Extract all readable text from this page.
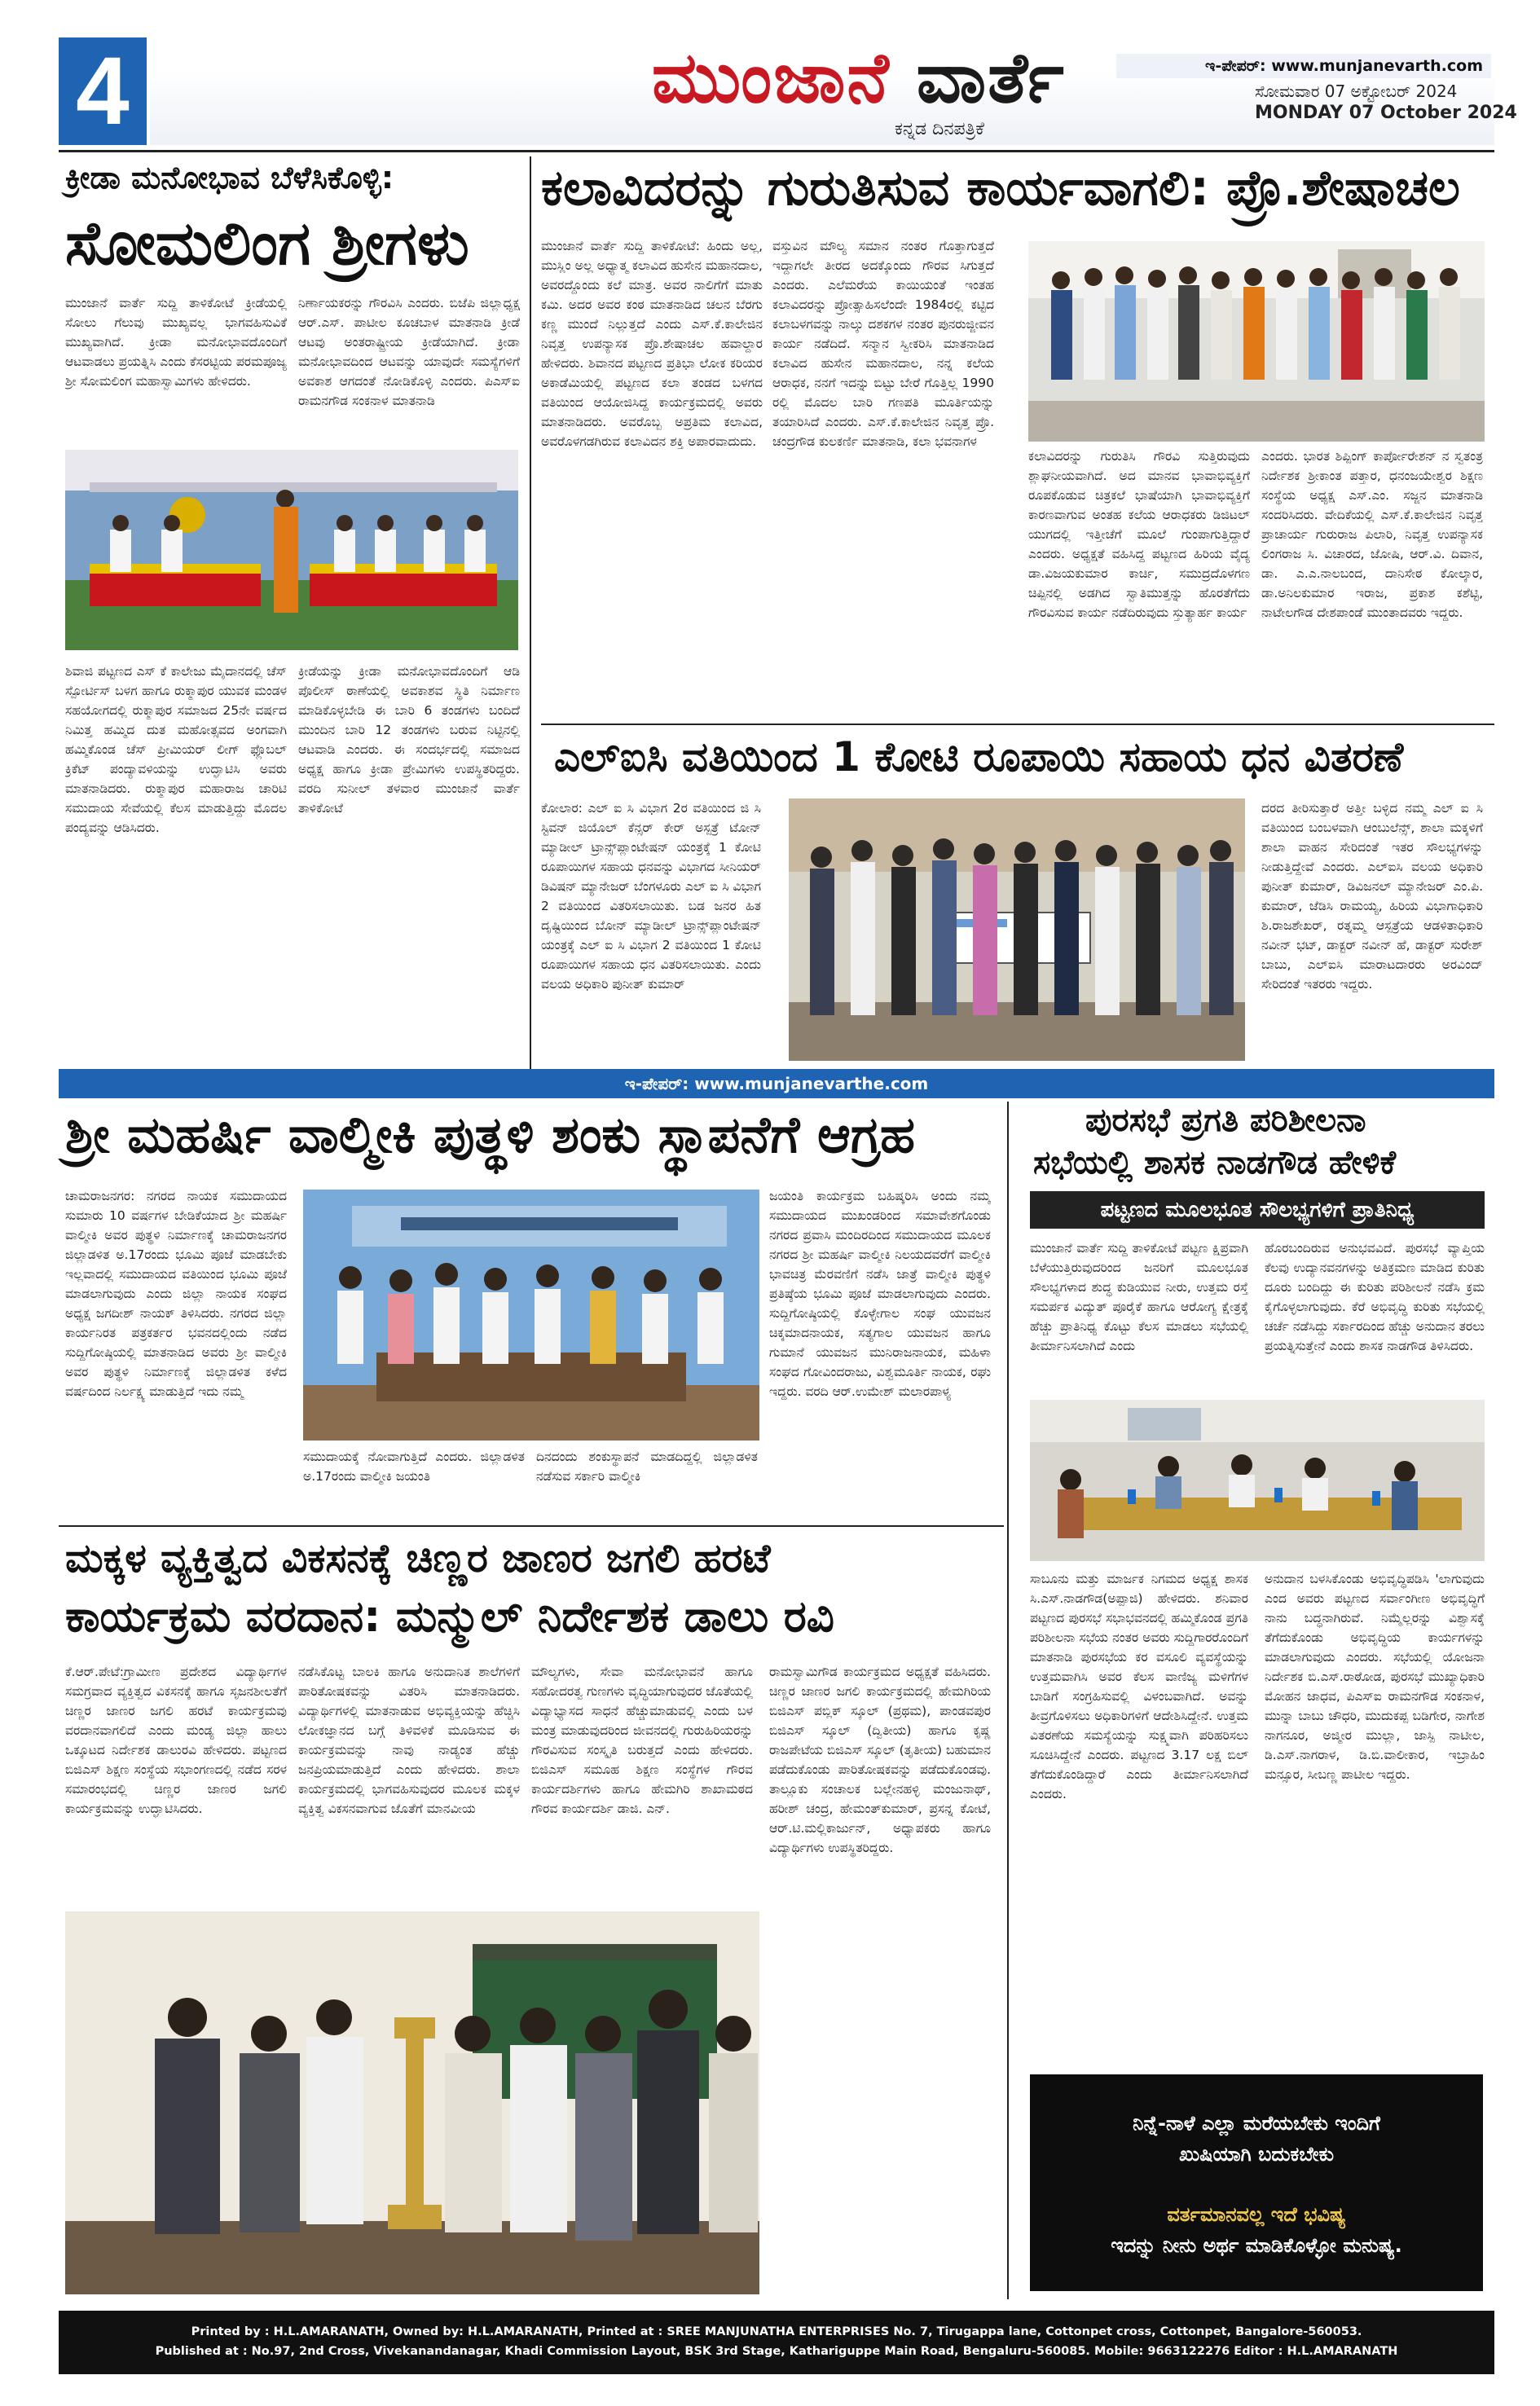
4	ಮುಂಜಾನೆ ವಾರ್ತೆ
ಕನ್ನಡ ದಿನಪತ್ರಿಕೆ
ಇ-ಪೇಪರ್: www.munjanevarth.com
ಸೋಮವಾರ 07 ಅಕ್ಟೋಬರ್ 2024
MONDAY 07 October 2024
ಕ್ರೀಡಾ ಮನೋಭಾವ ಬೆಳೆಸಿಕೊಳ್ಳಿ:
ಸೋಮಲಿಂಗ ಶ್ರೀಗಳು
ಮುಂಜಾನೆ ವಾರ್ತೆ ಸುದ್ದಿ ತಾಳಿಕೋಟೆ ಕ್ರೀಡೆಯಲ್ಲಿ ಸೋಲು ಗೆಲುವು ಮುಖ್ಯವಲ್ಲ ಭಾಗವಹಿಸುವಿಕೆ ಮುಖ್ಯವಾಗಿದೆ. ಕ್ರೀಡಾ ಮನೋಭಾವದೊಂದಿಗೆ ಆಟವಾಡಲು ಪ್ರಯತ್ನಿಸಿ ಎಂದು ಕೆಸರಟ್ಟಿಯ ಪರಮಪೂಜ್ಯ ಶ್ರೀ ಸೋಮಲಿಂಗ ಮಹಾಸ್ವಾಮಿಗಳು ಹೇಳಿದರು.
ನಿರ್ಣಾಯಕರನ್ನು ಗೌರವಿಸಿ ಎಂದರು. ಬಿಜೆಪಿ ಜಿಲ್ಲಾಧ್ಯಕ್ಷ ಆರ್.ಎಸ್. ಪಾಟೀಲ ಕೂಚಬಾಳ ಮಾತನಾಡಿ ಕ್ರೀಡೆ ಆಟವು ಅಂತರಾಷ್ಟ್ರೀಯ ಕ್ರೀಡೆಯಾಗಿದೆ. ಕ್ರೀಡಾ ಮನೋಭಾವದಿಂದ ಆಟವನ್ನು ಯಾವುದೇ ಸಮಸ್ಯೆಗಳಿಗೆ ಅವಕಾಶ ಆಗದಂತೆ ನೋಡಿಕೊಳ್ಳಿ ಎಂದರು. ಪಿಎಸ್‌ಐ ರಾಮನಗೌಡ ಸಂಕನಾಳ ಮಾತನಾಡಿ
ಶಿವಾಜಿ ಪಟ್ಟಣದ ಎಸ್ ಕೆ ಕಾಲೇಜು ಮೈದಾನದಲ್ಲಿ ಚೆಸ್ ಸ್ಪೋರ್ಟಿಸ್ ಬಳಗ ಹಾಗೂ ರುಕ್ಮಾಪುರ ಯುವಕ ಮಂಡಳ ಸಹಯೋಗದಲ್ಲಿ ರುಕ್ಮಾಪುರ ಸಮಾಜದ 25ನೇ ವರ್ಷದ ನಿಮಿತ್ತ ಹಮ್ಮಿದ ದುತ ಮಹೋತ್ಸವದ ಅಂಗವಾಗಿ ಹಮ್ಮಿಕೊಂಡ ಚೆಸ್ ಪ್ರೀಮಿಯರ್ ಲೀಗ್ ಫ್ಲೊಬಲ್ ಕ್ರಿಕೆಟ್ ಪಂದ್ಯಾವಳಿಯನ್ನು ಉದ್ಘಾಟಿಸಿ ಅವರು ಮಾತನಾಡಿದರು. ರುಕ್ಮಾಪುರ ಮಹಾರಾಜ ಚಾರಿಟಿ ಸಮುದಾಯ ಸೇವೆಯಲ್ಲಿ ಕೆಲಸ ಮಾಡುತ್ತಿದ್ದು ಮೊದಲ ಪಂದ್ಯವನ್ನು ಆಡಿಸಿದರು.
ಕ್ರೀಡೆಯನ್ನು ಕ್ರೀಡಾ ಮನೋಭಾವದೊಂದಿಗೆ ಆಡಿ ಪೊಲೀಸ್ ಠಾಣೆಯಲ್ಲಿ ಅವಕಾಶವ ಸ್ಥಿತಿ ನಿರ್ಮಾಣ ಮಾಡಿಕೊಳ್ಳಬೇಡಿ ಈ ಬಾರಿ 6 ತಂಡಗಳು ಬಂದಿದೆ ಮುಂದಿನ ಬಾರಿ 12 ತಂಡಗಳು ಬರುವ ನಿಟ್ಟಿನಲ್ಲಿ ಆಟವಾಡಿ ಎಂದರು. ಈ ಸಂದರ್ಭದಲ್ಲಿ ಸಮಾಜದ ಅಧ್ಯಕ್ಷ ಹಾಗೂ ಕ್ರೀಡಾ ಪ್ರೇಮಿಗಳು ಉಪಸ್ಥಿತರಿದ್ದರು. ವರದಿ ಸುನೀಲ್ ತಳವಾರ ಮುಂಜಾನೆ ವಾರ್ತೆ ತಾಳಿಕೋಟೆ
ಕಲಾವಿದರನ್ನು ಗುರುತಿಸುವ ಕಾರ್ಯವಾಗಲಿ: ಪ್ರೊ.ಶೇಷಾಚಲ
ಮುಂಜಾನೆ ವಾರ್ತೆ ಸುದ್ದಿ ತಾಳಿಕೋಟೆ: ಹಿಂದು ಅಲ್ಲ, ಮುಸ್ಲಿಂ ಅಲ್ಲ ಅಧ್ಯಾತ್ಮ ಕಲಾವಿದ ಹುಸೇನ ಮಹಾನದಾಲ, ಅವರದ್ದೊಂದು ಕಲೆ ಮಾತ್ರ. ಅವರ ನಾಲಿಗೆಗೆ ಮಾತು ಕಮಿ. ಅದರ ಅವರ ಕಂಠ ಮಾತನಾಡಿದ ಚಲನ ಬೆರಗು ಕಣ್ಣ ಮುಂದೆ ನಿಲ್ಲುತ್ತದೆ ಎಂದು ಎಸ್.ಕೆ.ಕಾಲೇಜಿನ ನಿವೃತ್ತ ಉಪನ್ಯಾಸಕ ಪ್ರೊ.ಶೇಷಾಚಲ ಹವಾಲ್ದಾರ ಹೇಳಿದರು. ಶಿವಾನದ ಪಟ್ಟಣದ ಪ್ರತಿಭಾ ಲೋಕ ಕರಿಯರ ಅಕಾಡೆಮಿಯಲ್ಲಿ ಪಟ್ಟಣದ ಕಲಾ ತಂಡದ ಬಳಗದ ವತಿಯಿಂದ ಆಯೋಜಿಸಿದ್ದ ಕಾರ್ಯಕ್ರಮದಲ್ಲಿ ಅವರು ಮಾತನಾಡಿದರು. ಅವರೊಬ್ಬ ಅಪ್ರತಿಮ ಕಲಾವಿದ, ಅವರೊಳಗಡಗಿರುವ ಕಲಾವಿದನ ಶಕ್ತಿ ಅಪಾರವಾದುದು.
ವಸ್ತುವಿನ ಮೌಲ್ಯ ಸಮಾನ ನಂತರ ಗೊತ್ತಾಗುತ್ತದೆ ಇದ್ದಾಗಲೇ ತೀರದ ಅದಕ್ಕೊಂದು ಗೌರವ ಸಿಗುತ್ತದೆ ಎಂದರು. ಎಲೆಮರೆಯ ಕಾಯಿಯಂತೆ ಇಂತಹ ಕಲಾವಿದರನ್ನು ಪ್ರೋತ್ಸಾಹಿಸಲೆಂದೇ 1984ರಲ್ಲಿ ಕಟ್ಟಿದ ಕಲಾಬಳಗವನ್ನು ನಾಲ್ಕು ದಶಕಗಳ ನಂತರ ಪುನರುಜ್ಜೀವನ ಕಾರ್ಯ ನಡೆದಿದೆ. ಸನ್ಮಾನ ಸ್ವೀಕರಿಸಿ ಮಾತನಾಡಿದ ಕಲಾವಿದ ಹುಸೇನ ಮಹಾನದಾಲ, ನನ್ನ ಕಲೆಯ ಆರಾಧಕ, ನನಗೆ ಇದನ್ನು ಬಿಟ್ಟು ಬೇರೆ ಗೊತ್ತಿಲ್ಲ 1990 ರಲ್ಲಿ ಮೊದಲ ಬಾರಿ ಗಣಪತಿ ಮೂರ್ತಿಯನ್ನು ತಯಾರಿಸಿದೆ ಎಂದರು. ಎಸ್.ಕೆ.ಕಾಲೇಜಿನ ನಿವೃತ್ತ ಪ್ರೊ. ಚಂದ್ರಗೌಡ ಕುಲಕರ್ಣಿ ಮಾತನಾಡಿ, ಕಲಾ ಭವನಾಗಳ
ಕಲಾವಿದರನ್ನು ಗುರುತಿಸಿ ಗೌರವಿ ಸುತ್ತಿರುವುದು ಶ್ಲಾಘನೀಯವಾಗಿದೆ. ಅದ ಮಾನವ ಭಾವಾಭಿವ್ಯಕ್ತಿಗೆ ರೂಪಕೊಡುವ ಚಿತ್ರಕಲೆ ಭಾಷೆಯಾಗಿ ಭಾವಾಭಿವ್ಯಕ್ತಿಗೆ ಕಾರಣವಾಗುವ ಅಂತಹ ಕಲೆಯ ಆರಾಧಕರು ಡಿಜಿಟಲ್ ಯುಗದಲ್ಲಿ ಇತ್ತೀಚೆಗೆ ಮೂಲೆ ಗುಂಪಾಗುತ್ತಿದ್ದಾರೆ ಎಂದರು. ಅಧ್ಯಕ್ಷತೆ ವಹಿಸಿದ್ದ ಪಟ್ಟಣದ ಹಿರಿಯ ವೈದ್ಯ ಡಾ.ವಿಜಯಕುಮಾರ ಕಾರ್ಚಿ, ಸಮುದ್ರದೊಳಗಣ ಚಿಪ್ಪಿನಲ್ಲಿ ಅಡಗಿದ ಸ್ವಾತಿಮುತ್ತನ್ನು ಹೊರತೆಗೆದು ಗೌರವಿಸುವ ಕಾರ್ಯ ನಡೆದಿರುವುದು ಸ್ತುತ್ಯಾರ್ಹ ಕಾರ್ಯ
ಎಂದರು. ಭಾರತ ಶಿಪ್ಪಿಂಗ್ ಕಾರ್ಪೋರೇಶನ್ ನ ಸ್ವತಂತ್ರ ನಿರ್ದೇಶಕ ಶ್ರೀಕಾಂತ ಪತ್ತಾರ, ಧನಂಜಯೇಶ್ವರ ಶಿಕ್ಷಣ ಸಂಸ್ಥೆಯ ಅಧ್ಯಕ್ಷ ಎಸ್.ಎಂ. ಸಜ್ಜನ ಮಾತನಾಡಿ ಸಂದರಿಸಿದರು. ವೇದಿಕೆಯಲ್ಲಿ ಎಸ್.ಕೆ.ಕಾಲೇಜಿನ ನಿವೃತ್ತ ಪ್ರಾಚಾರ್ಯ ಗುರುರಾಜ ಪಿಲಾರಿ, ನಿವೃತ್ತ ಉಪನ್ಯಾಸಕ ಲಿಂಗರಾಜ ಸಿ. ವಿಚಾರದ, ಜೋಷಿ, ಆರ್.ವಿ. ದಿವಾನ, ಡಾ. ಎ.ಎ.ನಾಲಬಂದ, ದಾನಿಸೇಠ ಕೋಲ್ಕಾರ, ಡಾ.ಅನಿಲಕುಮಾರ ಇರಾಜ, ಪ್ರಕಾಶ ಕಶೆಟ್ಟಿ, ನಾಟೇಲಗೌಡ ದೇಶಪಾಂಡೆ ಮುಂತಾದವರು ಇದ್ದರು.
ಎಲ್‌ಐಸಿ ವತಿಯಿಂದ 1 ಕೋಟಿ ರೂಪಾಯಿ ಸಹಾಯ ಧನ ವಿತರಣೆ
ಕೋಲಾರ: ಎಲ್ ಐ ಸಿ ವಿಭಾಗ 2ರ ವತಿಯಿಂದ ಜಿ ಸಿ ಸ್ಟಿವನ್ ಜಿಯೊಲ್ ಕೆನ್ಸರ್ ಕೇರ್ ಅಸ್ಪತ್ರೆ ಟೋನ್ ಮ್ಯಾಡೀಲ್ ಟ್ರಾನ್ಸ್‌ಪ್ಲಾಂಟೇಷನ್ ಯಂತ್ರಕ್ಕೆ 1 ಕೋಟಿ ರೂಪಾಯಿಗಳ ಸಹಾಯ ಧನವನ್ನು ವಿಭಾಗದ ಸೀನಿಯರ್ ಡಿವಿಷನ್ ಮ್ಯಾನೇಜರ್ ಬೆಂಗಳೂರು ಎಲ್ ಐ ಸಿ ವಿಭಾಗ 2 ವತಿಯಿಂದ ವಿತರಿಸಲಾಯಿತು. ಬಡ ಜನರ ಹಿತ ದೃಷ್ಟಿಯಿಂದ ಬೋನ್ ಮ್ಯಾಡೀಲ್ ಟ್ರಾನ್ಸ್‌ಪ್ಲಾಂಟೇಷನ್ ಯಂತ್ರಕ್ಕೆ ಎಲ್ ಐ ಸಿ ವಿಭಾಗ 2 ವತಿಯಿಂದ 1 ಕೋಟಿ ರೂಪಾಯಿಗಳ ಸಹಾಯ ಧನ ವಿತರಿಸಲಾಯಿತು. ಎಂದು ವಲಯ ಅಧಿಕಾರಿ ಪುನೀತ್ ಕುಮಾರ್
ದರದ ತೀರಿಸುತ್ತಾರೆ ಅತ್ತೀ ಬಳ್ಳಿದ ನಮ್ಮ ಎಲ್ ಐ ಸಿ ವತಿಯಿಂದ ಬಂಬಳವಾಗಿ ಆಂಬುಲೆನ್ಸ್, ಶಾಲಾ ಮಕ್ಕಳಿಗೆ ಶಾಲಾ ವಾಹನ ಸೇರಿದಂತೆ ಇತರ ಸೌಲಭ್ಯಗಳನ್ನು ನೀಡುತ್ತಿದ್ದೇವೆ ಎಂದರು. ಎಲ್‌ಐಸಿ ವಲಯ ಅಧಿಕಾರಿ ಪುನೀತ್ ಕುಮಾರ್, ಡಿವಿಜನಲ್ ಮ್ಯಾನೇಜರ್ ಎಂ.ಪಿ. ಕುಮಾರ್, ಜೆಡಿಸಿ ರಾಮಯ್ಯ, ಹಿರಿಯ ವಿಭಾಗಾಧಿಕಾರಿ ಶಿ.ರಾಜಶೇಖರ್, ರತ್ನಮ್ಮ ಆಸ್ಪತ್ರೆಯ ಆಡಳಿತಾಧಿಕಾರಿ ನವೀನ್ ಭಟ್, ಡಾಕ್ಟರ್ ನವೀನ್ ಹೆ, ಡಾಕ್ಟರ್ ಸುರೇಶ್ ಬಾಬು, ಎಲ್ಐಸಿ ಮಾರಾಟದಾರರು ಅರವಿಂದ್ ಸೇರಿದಂತೆ ಇತರರು ಇದ್ದರು.
ಇ-ಪೇಪರ್: www.munjanevarthe.com
ಶ್ರೀ ಮಹರ್ಷಿ ವಾಲ್ಮೀಕಿ ಪುತ್ಥಳಿ ಶಂಕು ಸ್ಥಾಪನೆಗೆ ಆಗ್ರಹ
ಚಾಮರಾಜನಗರ: ನಗರದ ನಾಯಕ ಸಮುದಾಯದ ಸುಮಾರು 10 ವರ್ಷಗಳ ಬೇಡಿಕೆಯಾದ ಶ್ರೀ ಮಹರ್ಷಿ ವಾಲ್ಮೀಕಿ ಅವರ ಪುತ್ಥಳಿ ನಿರ್ಮಾಣಕ್ಕೆ ಚಾಮರಾಜನಗರ ಜಿಲ್ಲಾಡಳಿತ ಅ.17ರಂದು ಭೂಮಿ ಪೂಜೆ ಮಾಡಬೇಕು ಇಲ್ಲವಾದಲ್ಲಿ ಸಮುದಾಯದ ವತಿಯಿಂದ ಭೂಮಿ ಪೂಜೆ ಮಾಡಲಾಗುವುದು ಎಂದು ಜಿಲ್ಲಾ ನಾಯಕ ಸಂಘದ ಅಧ್ಯಕ್ಷ ಜಗದೀಶ್ ನಾಯಕ್ ತಿಳಿಸಿದರು. ನಗರದ ಜಿಲ್ಲಾ ಕಾರ್ಯನಿರತ ಪತ್ರಕರ್ತರ ಭವನದಲ್ಲಿಂದು ನಡೆದ ಸುದ್ದಿಗೋಷ್ಠಿಯಲ್ಲಿ ಮಾತನಾಡಿದ ಅವರು ಶ್ರೀ ವಾಲ್ಮೀಕಿ ಅವರ ಪುತ್ಥಳಿ ನಿರ್ಮಾಣಕ್ಕೆ ಜಿಲ್ಲಾಡಳಿತ ಕಳೆದ ವರ್ಷದಿಂದ ನಿರ್ಲಕ್ಷ್ಯ ಮಾಡುತ್ತಿದೆ ಇದು ನಮ್ಮ
ಸಮುದಾಯಕ್ಕೆ ನೋವಾಗುತ್ತಿದೆ ಎಂದರು. ಜಿಲ್ಲಾಡಳಿತ ಅ.17ರಂದು ವಾಲ್ಮೀಕಿ ಜಯಂತಿ
ದಿನದಂದು ಶಂಕುಸ್ಥಾಪನೆ ಮಾಡದಿದ್ದಲ್ಲಿ ಜಿಲ್ಲಾಡಳಿತ ನಡೆಸುವ ಸರ್ಕಾರಿ ವಾಲ್ಮೀಕಿ
ಜಯಂತಿ ಕಾರ್ಯಕ್ರಮ ಬಹಿಷ್ಕರಿಸಿ ಅಂದು ನಮ್ಮ ಸಮುದಾಯದ ಮುಖಂಡರಿಂದ ಸಮಾವೇಶಗೊಂಡು ನಗರದ ಪ್ರವಾಸಿ ಮಂದಿರದಿಂದ ಸಮುದಾಯದ ಮೂಲಕ ನಗರದ ಶ್ರೀ ಮಹರ್ಷಿ ವಾಲ್ಮೀಕಿ ನಿಲಯದವರೆಗೆ ವಾಲ್ಮೀಕಿ ಭಾವಚಿತ್ರ ಮೆರವಣಿಗೆ ನಡೆಸಿ ಜಾತ್ರೆ ವಾಲ್ಮೀಕಿ ಪುತ್ಥಳಿ ಪ್ರತಿಷ್ಠೆಯ ಭೂಮಿ ಪೂಜೆ ಮಾಡಲಾಗುವುದು ಎಂದರು. ಸುದ್ದಿಗೋಷ್ಠಿಯಲ್ಲಿ ಕೊಳ್ಳೇಗಾಲ ಸಂಘ ಯುವಜನ ಚಿಕ್ಕಮಾದನಾಯಕ, ಸತ್ಯಗಾಲ ಯುವಜನ ಹಾಗೂ ಗುಮಾನೆ ಯುವಜನ ಮುನಿರಾಜನಾಯಕ, ಮಹಿಳಾ ಸಂಘದ ಗೋವಿಂದರಾಜು, ವಿಶ್ವಮೂರ್ತಿ ನಾಯಕ, ರಘು ಇದ್ದರು. ವರದಿ ಆರ್.ಉಮೇಶ್ ಮಲಾರಪಾಳ್ಯ
ಪುರಸಭೆ ಪ್ರಗತಿ ಪರಿಶೀಲನಾ
ಸಭೆಯಲ್ಲಿ ಶಾಸಕ ನಾಡಗೌಡ ಹೇಳಿಕೆ
ಪಟ್ಟಣದ ಮೂಲಭೂತ ಸೌಲಭ್ಯಗಳಿಗೆ ಪ್ರಾತಿನಿಧ್ಯ
ಮುಂಜಾನೆ ವಾರ್ತೆ ಸುದ್ದಿ ತಾಳಿಕೋಟೆ ಪಟ್ಟಣ ಕ್ಷಿಪ್ರವಾಗಿ ಬೆಳೆಯುತ್ತಿರುವುದರಿಂದ ಜನರಿಗೆ ಮೂಲಭೂತ ಸೌಲಭ್ಯಗಳಾದ ಶುದ್ಧ ಕುಡಿಯುವ ನೀರು, ಉತ್ತಮ ರಸ್ತೆ ಸಮರ್ಪಕ ವಿದ್ಯುತ್ ಪೂರೈಕೆ ಹಾಗೂ ಆರೋಗ್ಯ ಕ್ಷೇತ್ರಕ್ಕೆ ಹೆಚ್ಚು ಪ್ರಾತಿನಿಧ್ಯ ಕೊಟ್ಟು ಕೆಲಸ ಮಾಡಲು ಸಭೆಯಲ್ಲಿ ತೀರ್ಮಾನಿಸಲಾಗಿದೆ ಎಂದು
ಹೊರಬಂದಿರುವ ಅನುಭವವಿದೆ. ಪುರಸಭೆ ವ್ಯಾಪ್ತಿಯ ಕೆಲವು ಉದ್ಯಾನವನಗಳನ್ನು ಅತಿಕ್ರಮಣ ಮಾಡಿದ ಕುರಿತು ದೂರು ಬಂದಿದ್ದು ಈ ಕುರಿತು ಪರಿಶೀಲನೆ ನಡೆಸಿ ಕ್ರಮ ಕೈಗೊಳ್ಳಲಾಗುವುದು. ಕೆರೆ ಅಭಿವೃದ್ಧಿ ಕುರಿತು ಸಭೆಯಲ್ಲಿ ಚರ್ಚೆ ನಡೆಸಿದ್ದು ಸರ್ಕಾರದಿಂದ ಹೆಚ್ಚು ಅನುದಾನ ತರಲು ಪ್ರಯತ್ನಿಸುತ್ತೇನೆ ಎಂದು ಶಾಸಕ ನಾಡಗೌಡ ತಿಳಿಸಿದರು.
ಸಾಬೂನು ಮತ್ತು ಮಾರ್ಜಕ ನಿಗಮದ ಅಧ್ಯಕ್ಷ ಶಾಸಕ ಸಿ.ಎಸ್.ನಾಡಗೌಡ(ಅಪ್ಪಾಜಿ) ಹೇಳಿದರು. ಶನಿವಾರ ಪಟ್ಟಣದ ಪುರಸಭೆ ಸಭಾಭವನದಲ್ಲಿ ಹಮ್ಮಿಕೊಂಡ ಪ್ರಗತಿ ಪರಿಶೀಲನಾ ಸಭೆಯ ನಂತರ ಅವರು ಸುದ್ದಿಗಾರರೊಂದಿಗೆ ಮಾತನಾಡಿ ಪುರಸಭೆಯ ಕರ ವಸೂಲಿ ವ್ಯವಸ್ಥೆಯನ್ನು ಉತ್ತಮವಾಗಿಸಿ ಅವರ ಕೆಲಸ ವಾಣಿಜ್ಯ ಮಳಿಗೆಗಳ ಬಾಡಿಗೆ ಸಂಗ್ರಹಿಸುವಲ್ಲಿ ವಿಳಂಬವಾಗಿದೆ. ಅವನ್ನು ತೀವ್ರಗೊಳಿಸಲು ಅಧಿಕಾರಿಗಳಿಗೆ ಆದೇಶಿಸಿದ್ದೇನೆ. ಉತ್ತಮ ವಿತರಣೆಯ ಸಮಸ್ಯೆಯನ್ನು ಸುಕ್ಷ್ಮವಾಗಿ ಪರಿಹರಿಸಲು ಸೂಚಿಸಿದ್ದೇನೆ ಎಂದರು. ಪಟ್ಟಣದ 3.17 ಲಕ್ಷ ಬಿಲ್ ತೆಗೆದುಕೊಂಡಿದ್ದಾರೆ ಎಂದು ತೀರ್ಮಾನಿಸಲಾಗಿದೆ ಎಂದರು.
ಅನುದಾನ ಬಳಸಿಕೊಂಡು ಅಭಿವೃದ್ಧಿಪಡಿಸಿ 'ಲಾಗುವುದು ಎಂದ ಅವರು ಪಟ್ಟಣದ ಸರ್ವಾಂಗೀಣ ಅಭಿವೃದ್ಧಿಗೆ ನಾನು ಬದ್ಧನಾಗಿರುವೆ. ನಿಮ್ಮೆಲ್ಲರನ್ನು ವಿಶ್ವಾಸಕ್ಕೆ ತೆಗೆದುಕೊಂಡು ಅಭಿವೃದ್ಧಿಯ ಕಾರ್ಯಗಳನ್ನು ಮಾಡಲಾಗುವುದು ಎಂದರು. ಸಭೆಯಲ್ಲಿ ಯೋಜನಾ ನಿರ್ದೇಶಕ ಬಿ.ಎಸ್.ರಾಠೋಡ, ಪುರಸಭೆ ಮುಖ್ಯಾಧಿಕಾರಿ ಮೋಹನ ಜಾಧವ, ಪಿಎಸ್‌ಐ ರಾಮನಗೌಡ ಸಂಕನಾಳ, ಮುನ್ನಾ ಬಾಬು ಚೌಧರಿ, ಮುದುಕಪ್ಪ ಬಡಿಗೇರ, ನಾಗೇಶ ನಾಗನೂರ, ಅಜ್ಮೀರ ಮುಲ್ಲಾ, ಜಾಸ್ಪಿ ನಾಟೀಲ, ಡಿ.ಎಸ್.ನಾಗರಾಳ, ಡಿ.ಬಿ.ವಾಲೀಕಾರ, ಇಬ್ರಾಹಿಂ ಮನ್ಸೂರ, ಸೀಬಣ್ಣ ಪಾಟೀಲ ಇದ್ದರು.
ನಿನ್ನೆ-ನಾಳೆ ಎಲ್ಲಾ ಮರೆಯಬೇಕು ಇಂದಿಗೆ
ಖುಷಿಯಾಗಿ ಬದುಕಬೇಕು
ವರ್ತಮಾನವಲ್ಲ ಇದೆ ಭವಿಷ್ಯ
ಇದನ್ನು ನೀನು ಅರ್ಥ ಮಾಡಿಕೊಳ್ಳೋ ಮನುಷ್ಯ.
ಮಕ್ಕಳ ವ್ಯಕ್ತಿತ್ವದ ವಿಕಸನಕ್ಕೆ ಚಿಣ್ಣರ ಜಾಣರ ಜಗಲಿ ಹರಟೆ
ಕಾರ್ಯಕ್ರಮ ವರದಾನ: ಮನ್ಮುಲ್ ನಿರ್ದೇಶಕ ಡಾಲು ರವಿ
ಕೆ.ಆರ್.ಪೇಟೆ:ಗ್ರಾಮೀಣ ಪ್ರದೇಶದ ವಿದ್ಯಾರ್ಥಿಗಳ ಸಮಗ್ರವಾದ ವ್ಯಕ್ತಿತ್ವದ ವಿಕಸನಕ್ಕೆ ಹಾಗೂ ಸೃಜನಶೀಲತೆಗೆ ಚಿಣ್ಣರ ಜಾಣರ ಜಗಲಿ ಹರಟೆ ಕಾರ್ಯಕ್ರಮವು ವರದಾನವಾಗಲಿದೆ ಎಂದು ಮಂಡ್ಯ ಜಿಲ್ಲಾ ಹಾಲು ಒಕ್ಕೂಟದ ನಿರ್ದೇಶಕ ಡಾಲುರವಿ ಹೇಳಿದರು. ಪಟ್ಟಣದ ಬಿಜಿಎಸ್ ಶಿಕ್ಷಣ ಸಂಸ್ಥೆಯ ಸಭಾಂಗಣದಲ್ಲಿ ನಡೆದ ಸರಳ ಸಮಾರಂಭದಲ್ಲಿ ಚಿಣ್ಣರ ಜಾಣರ ಜಗಲಿ ಕಾರ್ಯಕ್ರಮವನ್ನು ಉದ್ಘಾಟಿಸಿದರು.
ನಡೆಸಿಕೊಟ್ಟ ಬಾಲಕಿ ಹಾಗೂ ಅನುದಾನಿತ ಶಾಲೆಗಳಿಗೆ ಪಾರಿತೋಷಕವನ್ನು ವಿತರಿಸಿ ಮಾತನಾಡಿದರು. ವಿದ್ಯಾರ್ಥಿಗಳಲ್ಲಿ ಮಾತನಾಡುವ ಅಭಿವ್ಯಕ್ತಿಯನ್ನು ಹೆಚ್ಚಿಸಿ ಲೋಕಜ್ಞಾನದ ಬಗ್ಗೆ ತಿಳಿವಳಿಕೆ ಮೂಡಿಸುವ ಈ ಕಾರ್ಯಕ್ರಮವನ್ನು ನಾವು ನಾಡ್ಯಂತ ಹೆಚ್ಚು ಜನಪ್ರಿಯಮಾಡುತ್ತಿದೆ ಎಂದು ಹೇಳಿದರು. ಶಾಲಾ ಕಾರ್ಯಕ್ರಮದಲ್ಲಿ ಭಾಗವಹಿಸುವುದರ ಮೂಲಕ ಮಕ್ಕಳ ವ್ಯಕ್ತಿತ್ವ ವಿಕಸನವಾಗುವ ಜೊತೆಗೆ ಮಾನವೀಯ
ಮೌಲ್ಯಗಳು, ಸೇವಾ ಮನೋಭಾವನೆ ಹಾಗೂ ಸಹೋದರತ್ವ ಗುಣಗಳು ವೃದ್ಧಿಯಾಗುವುದರ ಜೊತೆಯಲ್ಲಿ ವಿದ್ಯಾಭ್ಯಾಸದ ಸಾಧನೆ ಹೆಚ್ಚುಮಾಡುವಲ್ಲಿ ಎಂದು ಬಳ ಮಂತ್ರ ಮಾಡುವುದರಿಂದ ಜೀವನದಲ್ಲಿ ಗುರುಹಿರಿಯರನ್ನು ಗೌರವಿಸುವ ಸಂಸ್ಕೃತಿ ಬರುತ್ತದೆ ಎಂದು ಹೇಳಿದರು. ಬಿಜಿಎಸ್ ಸಮೂಹ ಶಿಕ್ಷಣ ಸಂಸ್ಥೆಗಳ ಗೌರವ ಕಾರ್ಯದರ್ಶಿಗಳು ಹಾಗೂ ಹೇಮಗಿರಿ ಶಾಖಾಮಠದ ಗೌರವ ಕಾರ್ಯದರ್ಶಿ ಡಾಜಿ. ಎನ್.
ರಾಮಸ್ವಾಮಿಗೌಡ ಕಾರ್ಯಕ್ರಮದ ಅಧ್ಯಕ್ಷತೆ ವಹಿಸಿದರು. ಚಿಣ್ಣರ ಜಾಣರ ಜಗಲಿ ಕಾರ್ಯಕ್ರಮದಲ್ಲಿ ಹೇಮಗಿರಿಯ ಬಿಜಿಎಸ್ ಪಬ್ಲಿಕ್ ಸ್ಕೂಲ್ (ಪ್ರಥಮ), ಪಾಂಡವಪುರ ಬಿಜಿಎಸ್ ಸ್ಕೂಲ್ (ದ್ವಿತೀಯ) ಹಾಗೂ ಕೃಷ್ಣ ರಾಜಪೇಟೆಯ ಬಿಜಿಎಸ್ ಸ್ಕೂಲ್ (ತೃತೀಯ) ಬಹುಮಾನ ಪಡೆದುಕೊಂಡು ಪಾರಿತೋಷಕವನ್ನು ಪಡೆದುಕೊಂಡವು. ತಾಲ್ಲೂಕು ಸಂಚಾಲಕ ಬಲ್ಲೇನಹಳ್ಳಿ ಮಂಜುನಾಥ್, ಹರೀಶ್ ಚಂದ್ರ, ಹೇಮಂತ್‌ಕುಮಾರ್, ಪ್ರಸನ್ನ ಕೋಟೆ, ಆರ್.ಟಿ.ಮಲ್ಲಿಕಾರ್ಜುನ್, ಅಧ್ಯಾಪಕರು ಹಾಗೂ ವಿದ್ಯಾರ್ಥಿಗಳು ಉಪಸ್ಥಿತರಿದ್ದರು.
Printed by : H.L.AMARANATH, Owned by: H.L.AMARANATH, Printed at : SREE MANJUNATHA ENTERPRISES No. 7, Tirugappa lane, Cottonpet cross, Cottonpet, Bangalore-560053.
Published at : No.97, 2nd Cross, Vivekanandanagar, Khadi Commission Layout, BSK 3rd Stage, Kathariguppe Main Road, Bengaluru-560085. Mobile: 9663122276 Editor : H.L.AMARANATH
